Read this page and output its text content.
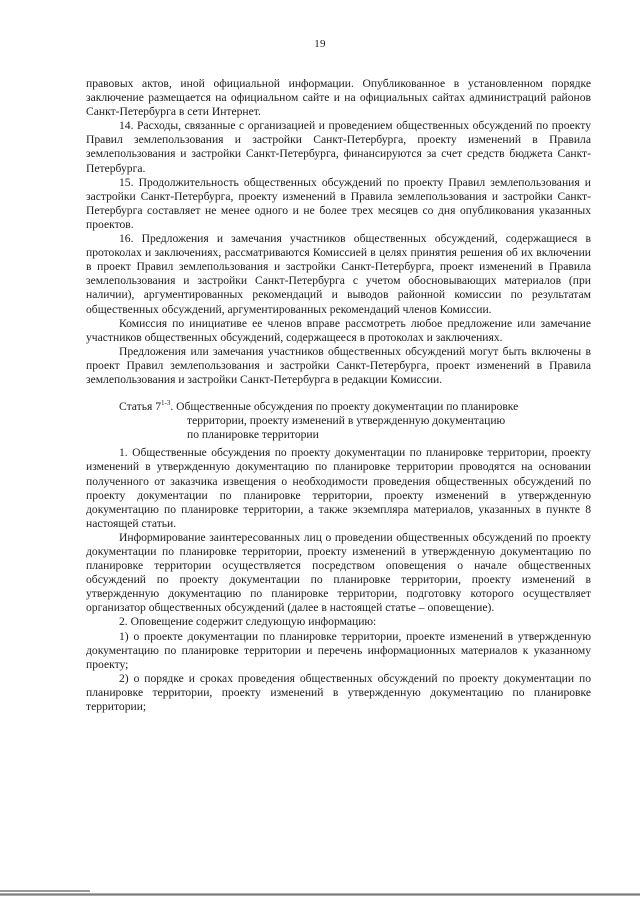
19

правовых актов, иной официальной информации. Опубликованное в установленном порядке заключение размещается на официальном сайте и на официальных сайтах администраций районов Санкт-Петербурга в сети Интернет.

14. Расходы, связанные с организацией и проведением общественных обсуждений по проекту Правил землепользования и застройки Санкт-Петербурга, проекту изменений в Правила землепользования и застройки Санкт-Петербурга, финансируются за счет средств бюджета Санкт-Петербурга.

15. Продолжительность общественных обсуждений по проекту Правил землепользования и застройки Санкт-Петербурга, проекту изменений в Правила землепользования и застройки Санкт-Петербурга составляет не менее одного и не более трех месяцев со дня опубликования указанных проектов.

16. Предложения и замечания участников общественных обсуждений, содержащиеся в протоколах и заключениях, рассматриваются Комиссией в целях принятия решения об их включении в проект Правил землепользования и застройки Санкт-Петербурга, проект изменений в Правила землепользования и застройки Санкт-Петербурга с учетом обосновывающих материалов (при наличии), аргументированных рекомендаций и выводов районной комиссии по результатам общественных обсуждений, аргументированных рекомендаций членов Комиссии.

Комиссия по инициативе ее членов вправе рассмотреть любое предложение или замечание участников общественных обсуждений, содержащееся в протоколах и заключениях.

Предложения или замечания участников общественных обсуждений могут быть включены в проект Правил землепользования и застройки Санкт-Петербурга, проект изменений в Правила землепользования и застройки Санкт-Петербурга в редакции Комиссии.

Статья 7$^{1-3}$. Общественные обсуждения по проекту документации по планировке
территории, проекту изменений в утвержденную документацию
по планировке территории

1. Общественные обсуждения по проекту документации по планировке территории, проекту изменений в утвержденную документацию по планировке территории проводятся на основании полученного от заказчика извещения о необходимости проведения общественных обсуждений по проекту документации по планировке территории, проекту изменений в утвержденную документацию по планировке территории, а также экземпляра материалов, указанных в пункте 8 настоящей статьи.

Информирование заинтересованных лиц о проведении общественных обсуждений по проекту документации по планировке территории, проекту изменений в утвержденную документацию по планировке территории осуществляется посредством оповещения о начале общественных обсуждений по проекту документации по планировке территории, проекту изменений в утвержденную документацию по планировке территории, подготовку которого осуществляет организатор общественных обсуждений (далее в настоящей статье – оповещение).

2. Оповещение содержит следующую информацию:

1) о проекте документации по планировке территории, проекте изменений в утвержденную документацию по планировке территории и перечень информационных материалов к указанному проекту;

2) о порядке и сроках проведения общественных обсуждений по проекту документации по планировке территории, проекту изменений в утвержденную документацию по планировке территории;
